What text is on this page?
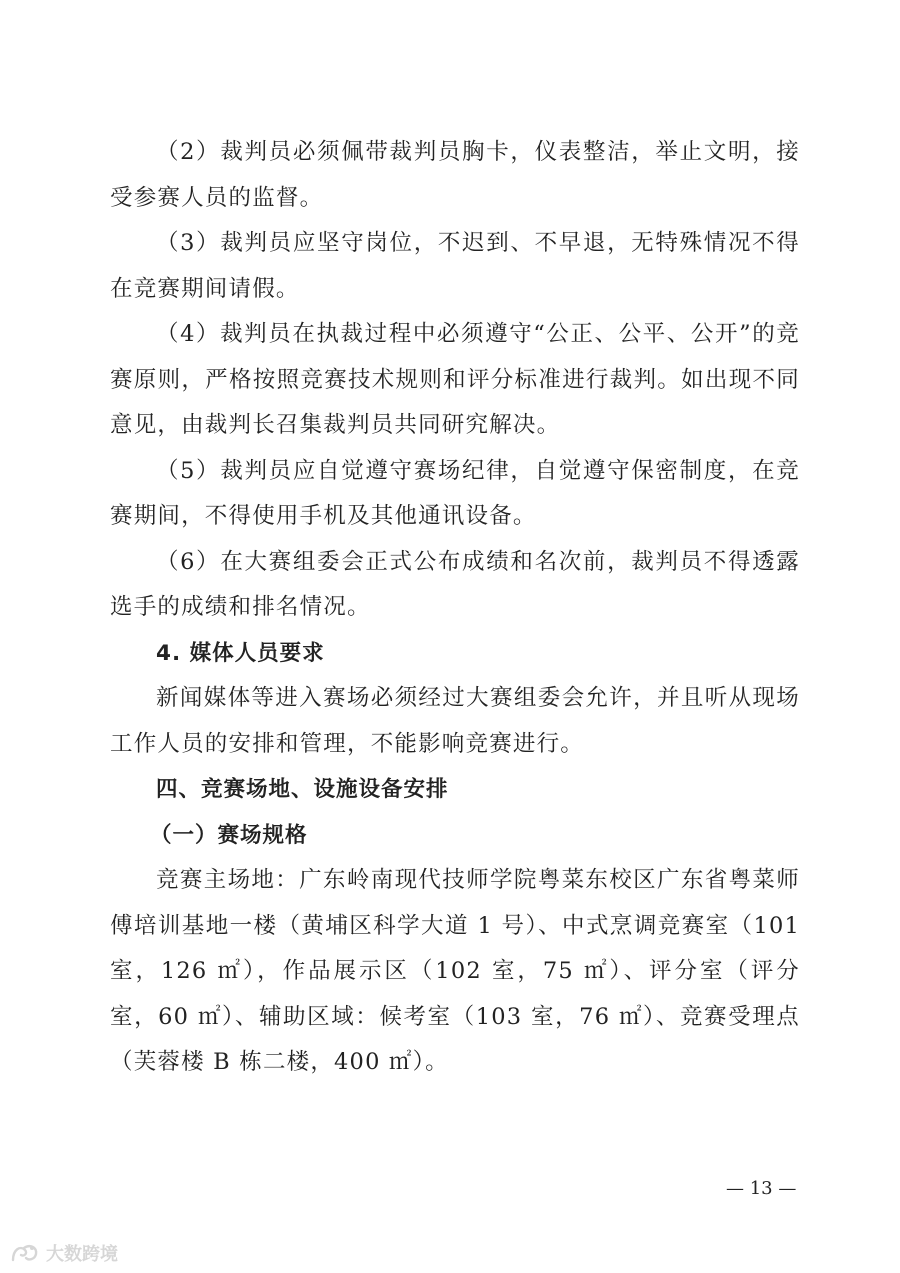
（2）裁判员必须佩带裁判员胸卡，仪表整洁，举止文明，接受参赛人员的监督。

（3）裁判员应坚守岗位，不迟到、不早退，无特殊情况不得在竞赛期间请假。

（4）裁判员在执裁过程中必须遵守“公正、公平、公开”的竞赛原则，严格按照竞赛技术规则和评分标准进行裁判。如出现不同意见，由裁判长召集裁判员共同研究解决。

（5）裁判员应自觉遵守赛场纪律，自觉遵守保密制度，在竞赛期间，不得使用手机及其他通讯设备。

（6）在大赛组委会正式公布成绩和名次前，裁判员不得透露选手的成绩和排名情况。

4. 媒体人员要求

新闻媒体等进入赛场必须经过大赛组委会允许，并且听从现场工作人员的安排和管理，不能影响竞赛进行。

四、竞赛场地、设施设备安排

（一）赛场规格

竞赛主场地：广东岭南现代技师学院粤菜东校区广东省粤菜师傅培训基地一楼（黄埔区科学大道 1 号）、中式烹调竞赛室（101 室，126 ㎡），作品展示区（102 室，75 ㎡）、评分室（评分室，60 ㎡）、辅助区域：候考室（103 室，76 ㎡）、竞赛受理点（芙蓉楼 B 栋二楼，400 ㎡）。

— 13 —
大数跨境
